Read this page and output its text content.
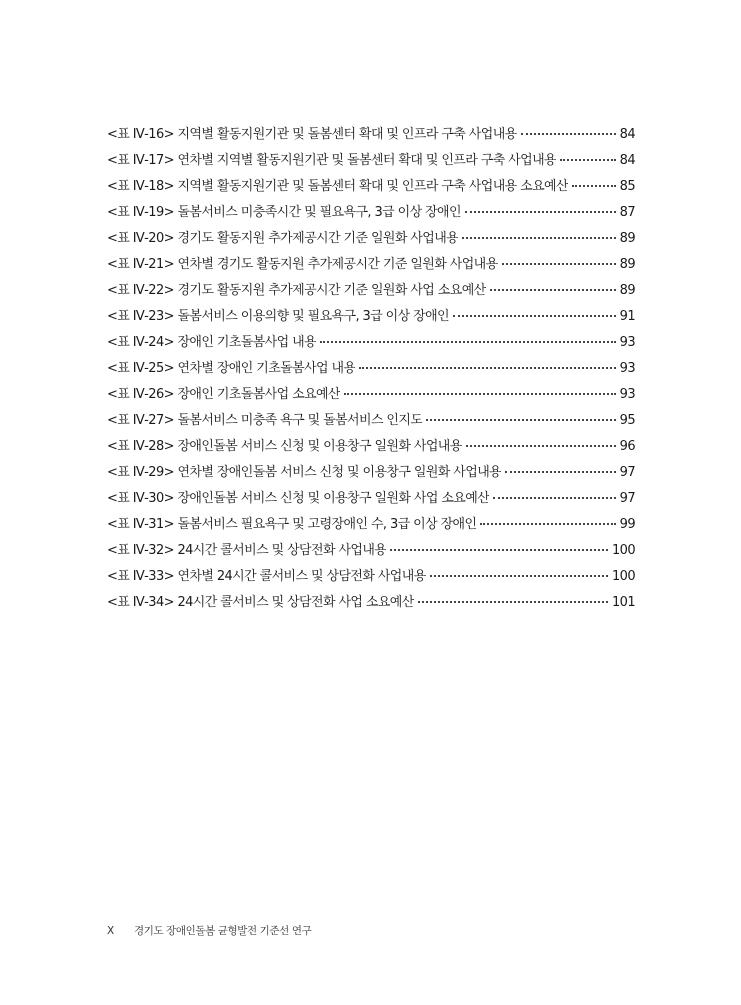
<표 Ⅳ-16> 지역별 활동지원기관 및 돌봄센터 확대 및 인프라 구축 사업내용	84
<표 Ⅳ-17> 연차별 지역별 활동지원기관 및 돌봄센터 확대 및 인프라 구축 사업내용	84
<표 Ⅳ-18> 지역별 활동지원기관 및 돌봄센터 확대 및 인프라 구축 사업내용 소요예산	85
<표 Ⅳ-19> 돌봄서비스 미충족시간 및 필요욕구, 3급 이상 장애인	87
<표 Ⅳ-20> 경기도 활동지원 추가제공시간 기준 일원화 사업내용	89
<표 Ⅳ-21> 연차별 경기도 활동지원 추가제공시간 기준 일원화 사업내용	89
<표 Ⅳ-22> 경기도 활동지원 추가제공시간 기준 일원화 사업 소요예산	89
<표 Ⅳ-23> 돌봄서비스 이용의향 및 필요욕구, 3급 이상 장애인	91
<표 Ⅳ-24> 장애인 기초돌봄사업 내용	93
<표 Ⅳ-25> 연차별 장애인 기초돌봄사업 내용	93
<표 Ⅳ-26> 장애인 기초돌봄사업 소요예산	93
<표 Ⅳ-27> 돌봄서비스 미충족 욕구 및 돌봄서비스 인지도	95
<표 Ⅳ-28> 장애인돌봄 서비스 신청 및 이용창구 일원화 사업내용	96
<표 Ⅳ-29> 연차별 장애인돌봄 서비스 신청 및 이용창구 일원화 사업내용	97
<표 Ⅳ-30> 장애인돌봄 서비스 신청 및 이용창구 일원화 사업 소요예산	97
<표 Ⅳ-31> 돌봄서비스 필요욕구 및 고령장애인 수, 3급 이상 장애인	99
<표 Ⅳ-32> 24시간 콜서비스 및 상담전화 사업내용	100
<표 Ⅳ-33> 연차별 24시간 콜서비스 및 상담전화 사업내용	100
<표 Ⅳ-34> 24시간 콜서비스 및 상담전화 사업 소요예산	101
X 경기도 장애인돌봄 균형발전 기준선 연구
